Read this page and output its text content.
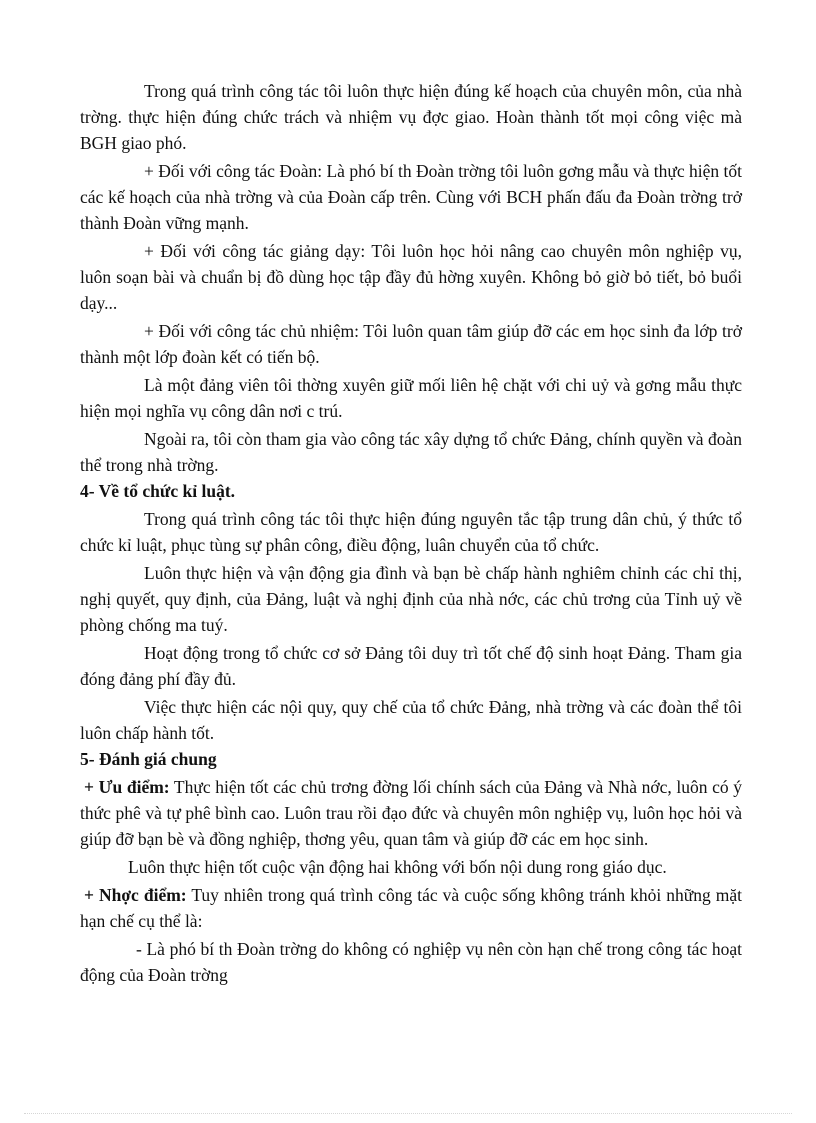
Trong quá trình công tác tôi luôn thực hiện đúng kế hoạch của chuyên môn, của nhà trờng. thực hiện đúng chức trách và nhiệm vụ đợc giao. Hoàn thành tốt mọi công việc mà BGH giao phó.

+ Đối với công tác Đoàn: Là phó bí th Đoàn trờng tôi luôn gơng mẫu và thực hiện tốt các kế hoạch của nhà trờng và của Đoàn cấp trên. Cùng với BCH phấn đấu đa Đoàn trờng trở thành Đoàn vững mạnh.

+ Đối với công tác giảng dạy: Tôi luôn học hỏi nâng cao chuyên môn nghiệp vụ, luôn soạn bài và chuẩn bị đồ dùng học tập đầy đủ hờng xuyên. Không bỏ giờ bỏ tiết, bỏ buổi dạy...

+ Đối với công tác chủ nhiệm: Tôi luôn quan tâm giúp đỡ các em học sinh đa lớp trở thành một lớp đoàn kết có tiến bộ.

Là một đảng viên tôi thờng xuyên giữ mối liên hệ chặt với chi uỷ và gơng mẫu thực hiện mọi nghĩa vụ công dân nơi c trú.

Ngoài ra, tôi còn tham gia vào công tác xây dựng tổ chức Đảng, chính quyền và đoàn thể trong nhà trờng.

4- Về tổ chức kỉ luật.

Trong quá trình công tác tôi thực hiện đúng nguyên tắc tập trung dân chủ, ý thức tổ chức kỉ luật, phục tùng sự phân công, điều động, luân chuyển của tổ chức.

Luôn thực hiện và vận động gia đình và bạn bè chấp hành nghiêm chỉnh các chỉ thị, nghị quyết, quy định, của Đảng, luật và nghị định của nhà nớc, các chủ trơng của Tỉnh uỷ về phòng chống ma tuý.

Hoạt động trong tổ chức cơ sở Đảng tôi duy trì tốt chế độ sinh hoạt Đảng. Tham gia đóng đảng phí đầy đủ.

Việc thực hiện các nội quy, quy chế của tổ chức Đảng, nhà trờng và các đoàn thể tôi luôn chấp hành tốt.

5- Đánh giá chung

+ Ưu điểm: Thực hiện tốt các chủ trơng đờng lối chính sách của Đảng và Nhà nớc, luôn có ý thức phê và tự phê bình cao. Luôn trau rồi đạo đức và chuyên môn nghiệp vụ, luôn học hỏi và giúp đỡ bạn bè và đồng nghiệp, thơng yêu, quan tâm và giúp đỡ các em học sinh.

Luôn thực hiện tốt cuộc vận động hai không với bốn nội dung rong giáo dục.

+ Nhợc điểm: Tuy nhiên trong quá trình công tác và cuộc sống không tránh khỏi những mặt hạn chế cụ thể là:

- Là phó bí th Đoàn trờng do không có nghiệp vụ nên còn hạn chế trong công tác hoạt động của Đoàn trờng
